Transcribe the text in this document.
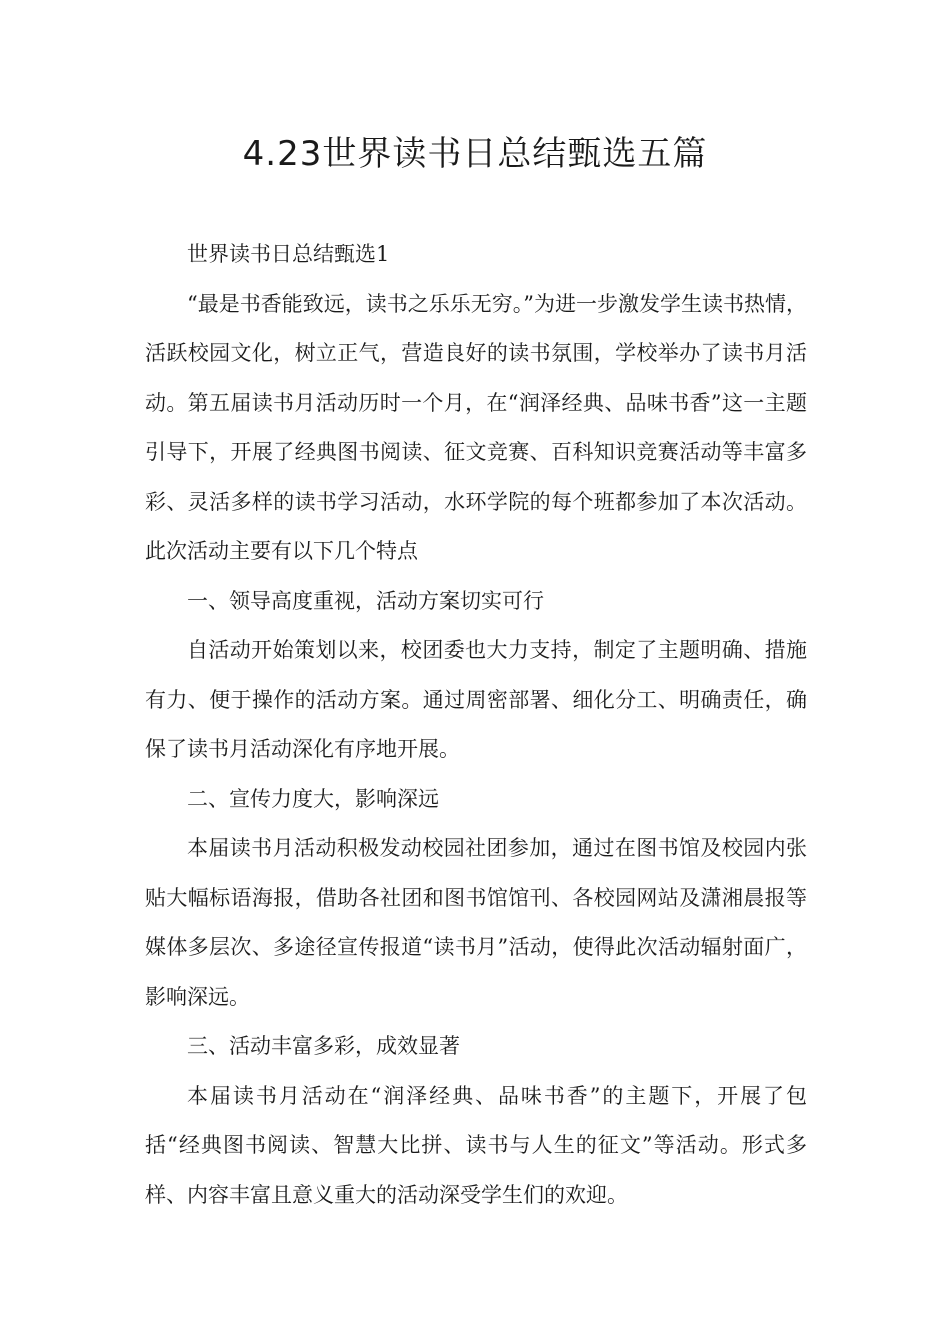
4.23世界读书日总结甄选五篇

世界读书日总结甄选1

“最是书香能致远，读书之乐乐无穷。”为进一步激发学生读书热情，活跃校园文化，树立正气，营造良好的读书氛围，学校举办了读书月活动。第五届读书月活动历时一个月，在“润泽经典、品味书香”这一主题引导下，开展了经典图书阅读、征文竞赛、百科知识竞赛活动等丰富多彩、灵活多样的读书学习活动，水环学院的每个班都参加了本次活动。此次活动主要有以下几个特点

一、领导高度重视，活动方案切实可行

自活动开始策划以来，校团委也大力支持，制定了主题明确、措施有力、便于操作的活动方案。通过周密部署、细化分工、明确责任，确保了读书月活动深化有序地开展。

二、宣传力度大，影响深远

本届读书月活动积极发动校园社团参加，通过在图书馆及校园内张贴大幅标语海报，借助各社团和图书馆馆刊、各校园网站及潇湘晨报等媒体多层次、多途径宣传报道“读书月”活动，使得此次活动辐射面广，影响深远。

三、活动丰富多彩，成效显著

本届读书月活动在“润泽经典、品味书香”的主题下，开展了包括“经典图书阅读、智慧大比拼、读书与人生的征文”等活动。形式多样、内容丰富且意义重大的活动深受学生们的欢迎。
